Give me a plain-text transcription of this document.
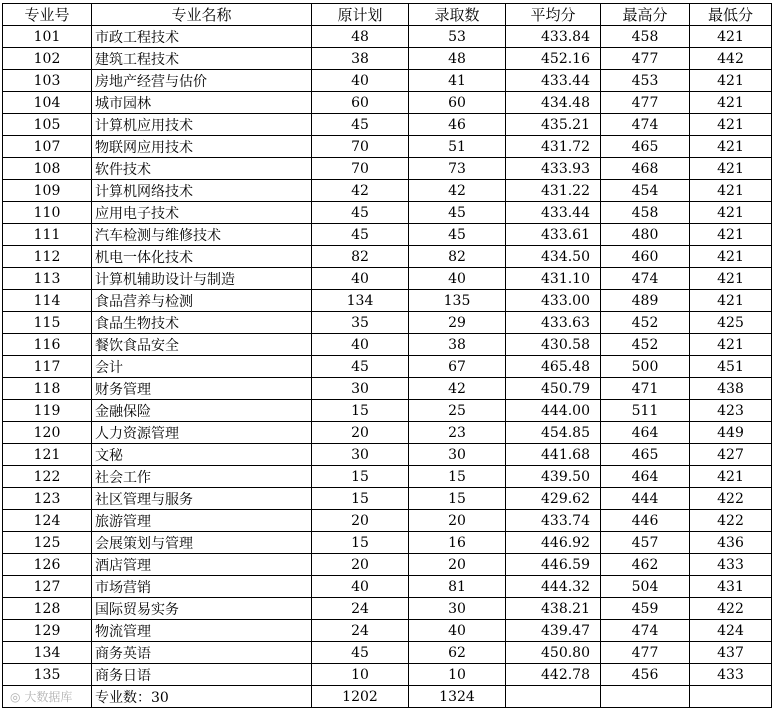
专业号	专业名称	原计划	录取数	平均分	最高分	最低分
101	市政工程技术	48	53	433.84	458	421
102	建筑工程技术	38	48	452.16	477	442
103	房地产经营与估价	40	41	433.44	453	421
104	城市园林	60	60	434.48	477	421
105	计算机应用技术	45	46	435.21	474	421
107	物联网应用技术	70	51	431.72	465	421
108	软件技术	70	73	433.93	468	421
109	计算机网络技术	42	42	431.22	454	421
110	应用电子技术	45	45	433.44	458	421
111	汽车检测与维修技术	45	45	433.61	480	421
112	机电一体化技术	82	82	434.50	460	421
113	计算机辅助设计与制造	40	40	431.10	474	421
114	食品营养与检测	134	135	433.00	489	421
115	食品生物技术	35	29	433.63	452	425
116	餐饮食品安全	40	38	430.58	452	421
117	会计	45	67	465.48	500	451
118	财务管理	30	42	450.79	471	438
119	金融保险	15	25	444.00	511	423
120	人力资源管理	20	23	454.85	464	449
121	文秘	30	30	441.68	465	427
122	社会工作	15	15	439.50	464	421
123	社区管理与服务	15	15	429.62	444	422
124	旅游管理	20	20	433.74	446	422
125	会展策划与管理	15	16	446.92	457	436
126	酒店管理	20	20	446.59	462	433
127	市场营销	40	81	444.32	504	431
128	国际贸易实务	24	30	438.21	459	422
129	物流管理	24	40	439.47	474	424
134	商务英语	45	62	450.80	477	437
135	商务日语	10	10	442.78	456	433
	专业数：30	1202	1324			
◎ 大数据库
